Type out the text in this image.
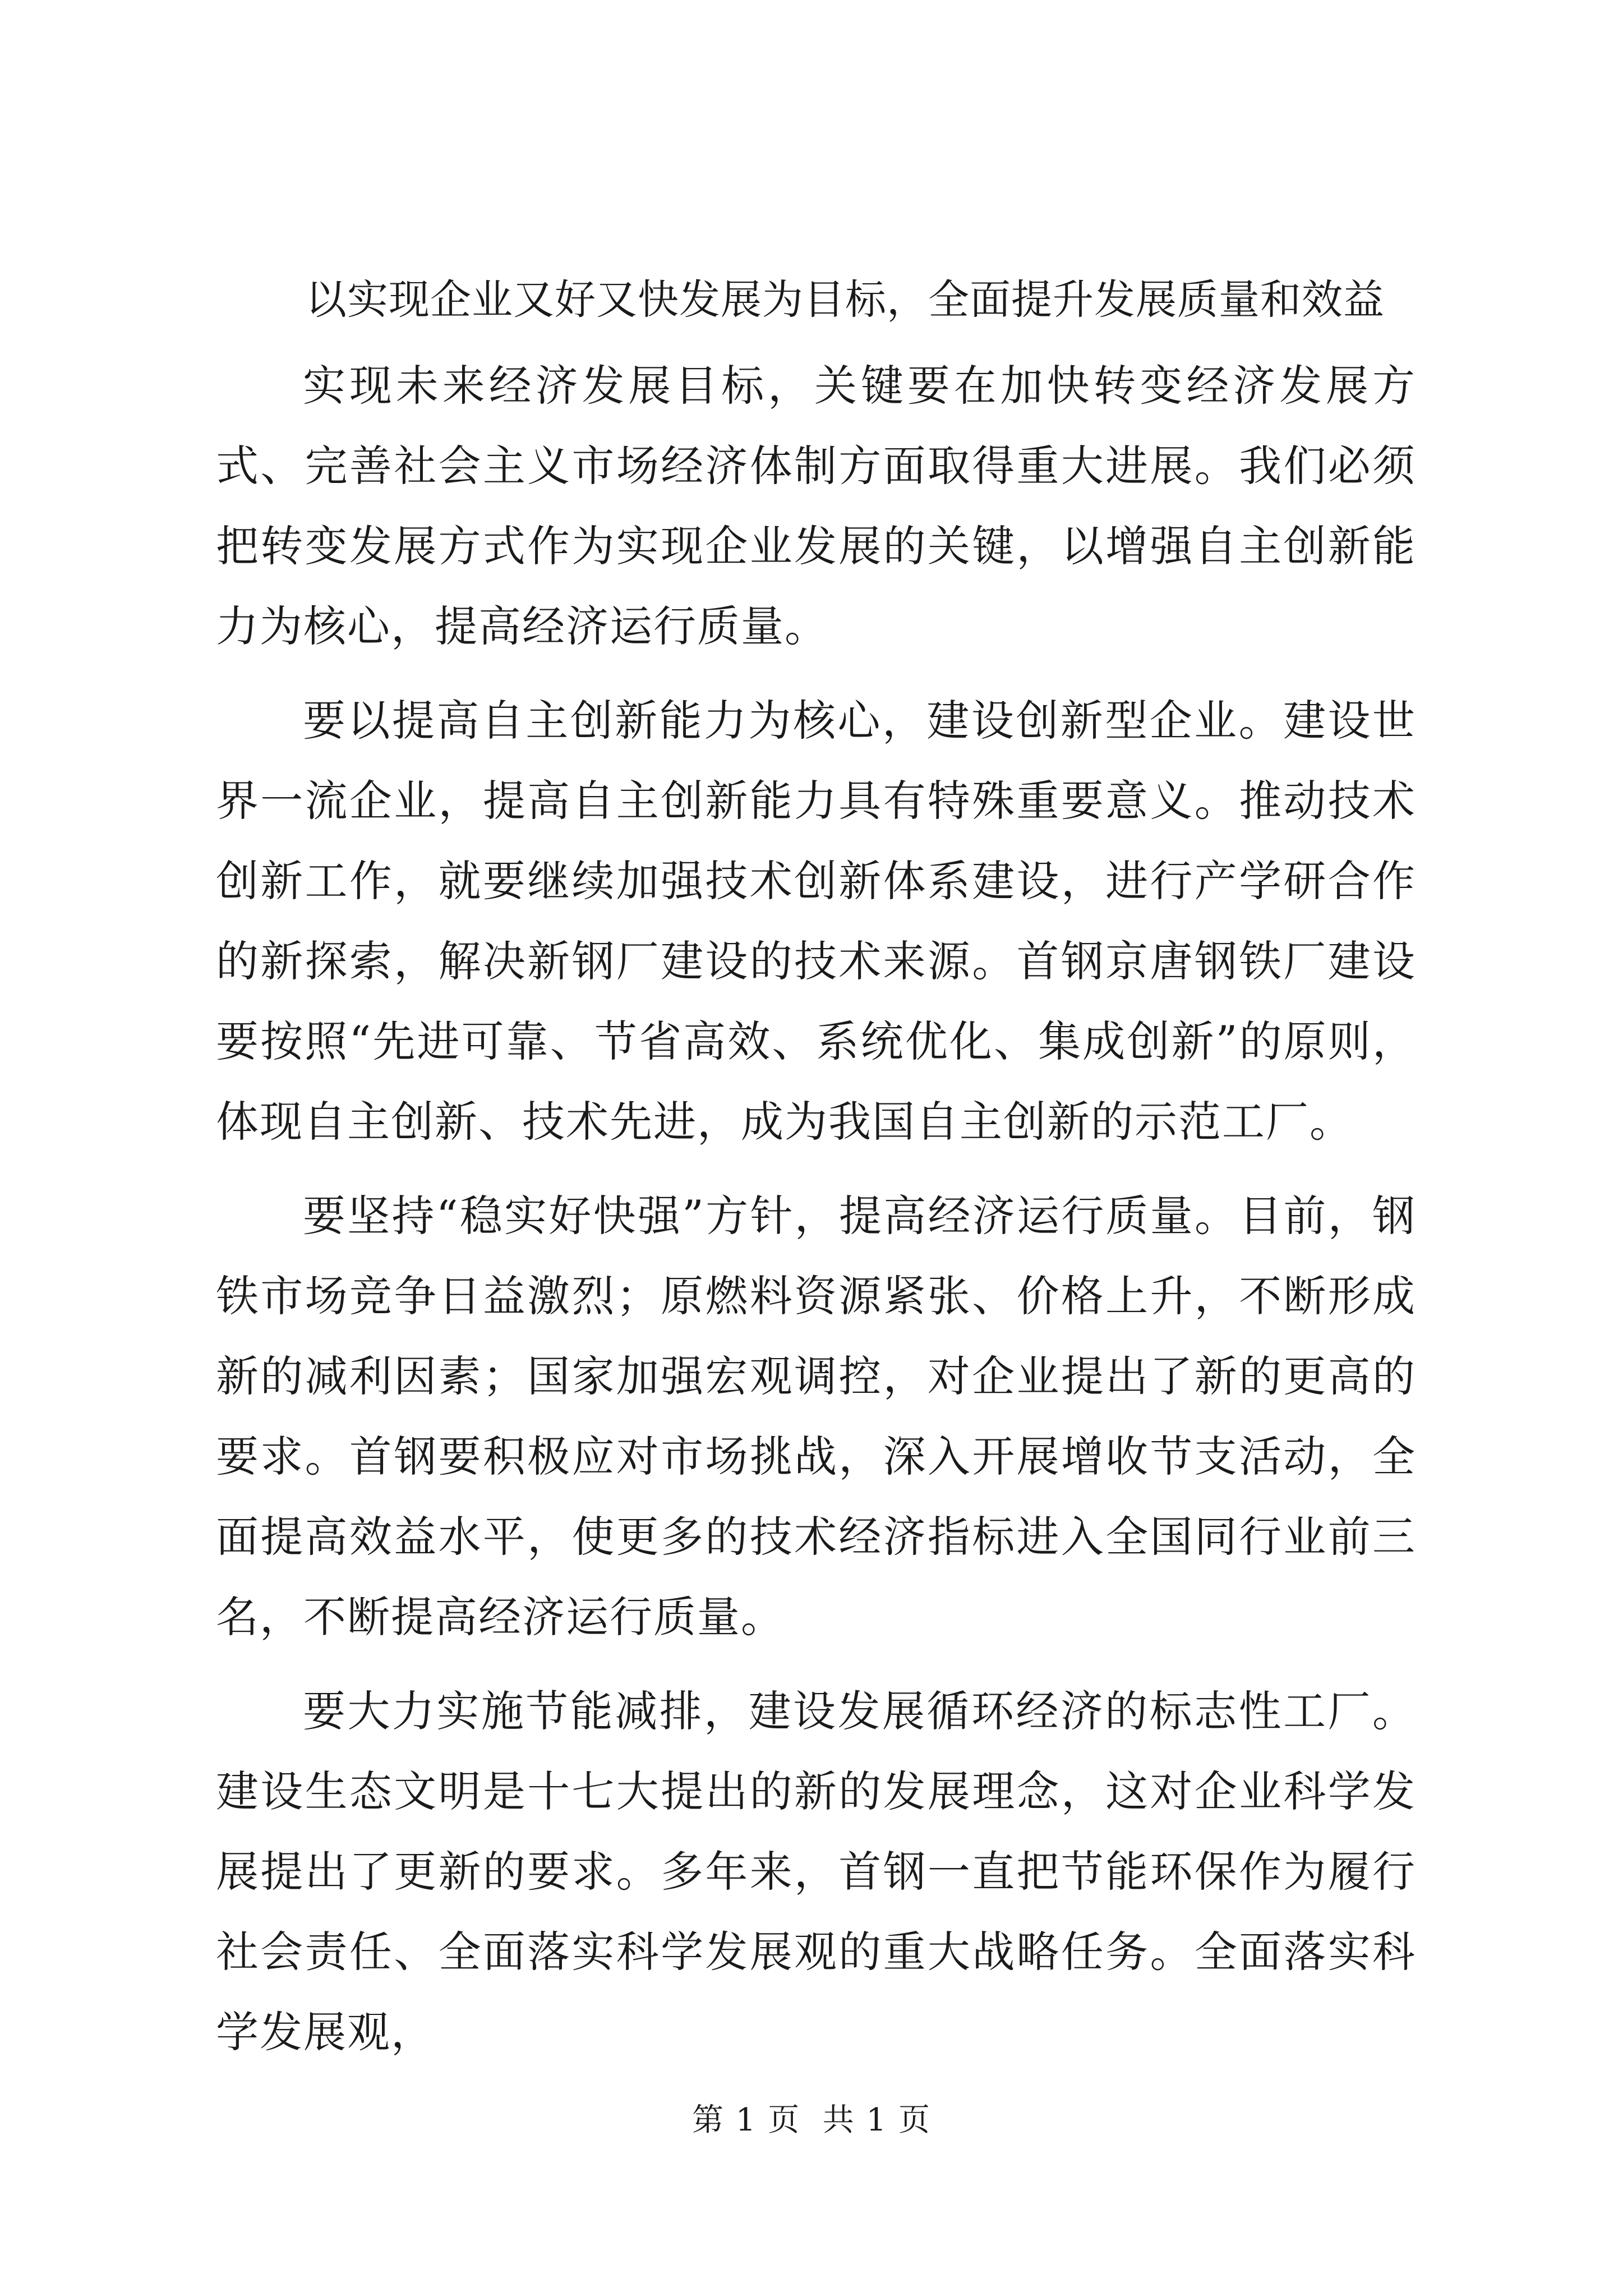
以实现企业又好又快发展为目标，全面提升发展质量和效益

实现未来经济发展目标，关键要在加快转变经济发展方式、完善社会主义市场经济体制方面取得重大进展。我们必须把转变发展方式作为实现企业发展的关键，以增强自主创新能力为核心，提高经济运行质量。

要以提高自主创新能力为核心，建设创新型企业。建设世界一流企业，提高自主创新能力具有特殊重要意义。推动技术创新工作，就要继续加强技术创新体系建设，进行产学研合作的新探索，解决新钢厂建设的技术来源。首钢京唐钢铁厂建设要按照“先进可靠、节省高效、系统优化、集成创新”的原则，体现自主创新、技术先进，成为我国自主创新的示范工厂。

要坚持“稳实好快强”方针，提高经济运行质量。目前，钢铁市场竞争日益激烈；原燃料资源紧张、价格上升，不断形成新的减利因素；国家加强宏观调控，对企业提出了新的更高的要求。首钢要积极应对市场挑战，深入开展增收节支活动，全面提高效益水平，使更多的技术经济指标进入全国同行业前三名，不断提高经济运行质量。

要大力实施节能减排，建设发展循环经济的标志性工厂。建设生态文明是十七大提出的新的发展理念，这对企业科学发展提出了更新的要求。多年来，首钢一直把节能环保作为履行社会责任、全面落实科学发展观的重大战略任务。全面落实科学发展观，

第 1 页  共 1 页
